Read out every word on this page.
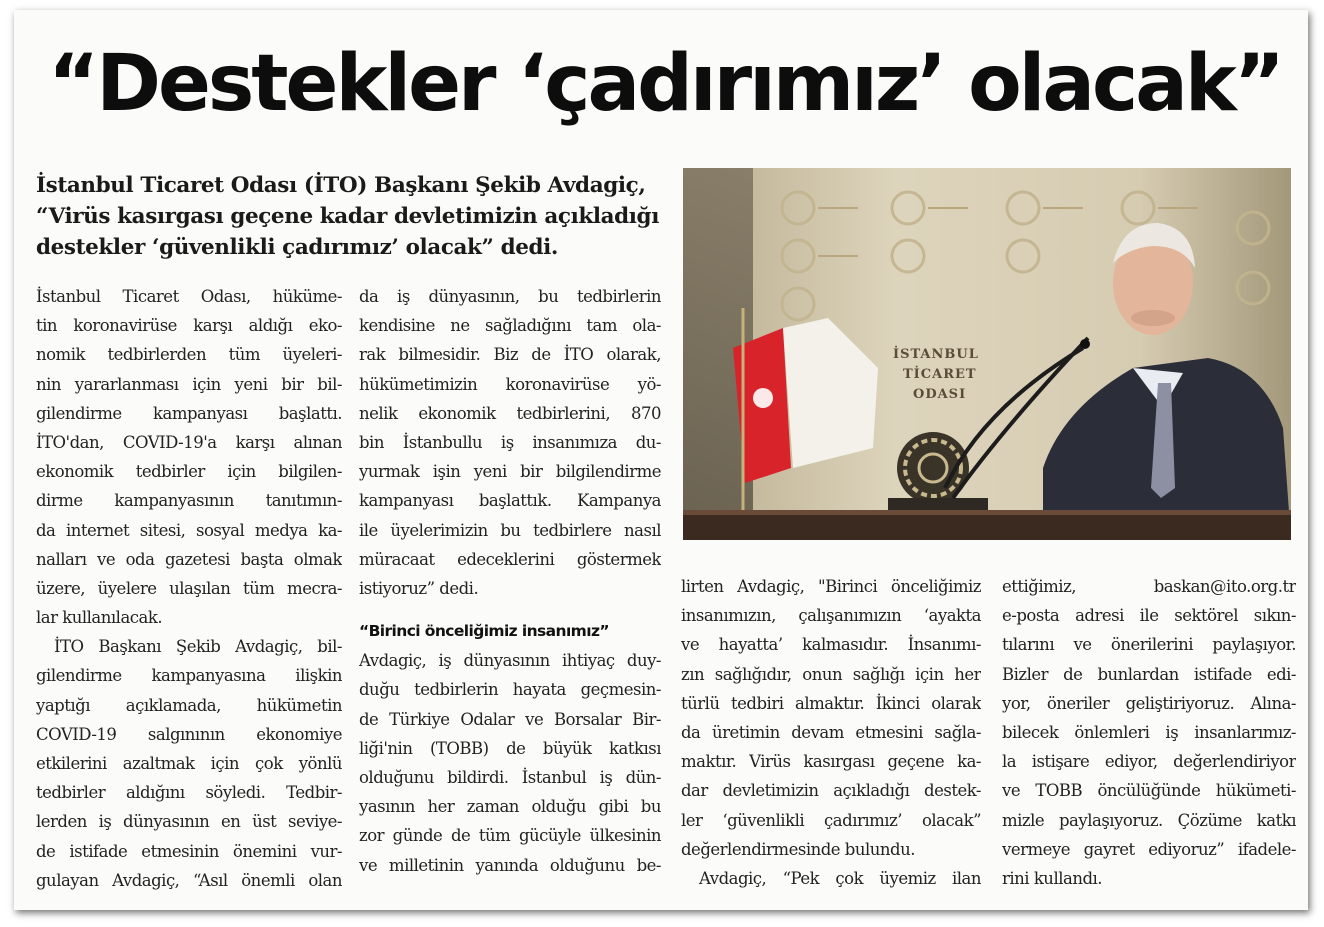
“Destekler ‘çadırımız’ olacak”
İstanbul Ticaret Odası (İTO) Başkanı Şekib Avdagiç,
“Virüs kasırgası geçene kadar devletimizin açıkladığı
destekler ‘güvenlikli çadırımız’ olacak” dedi.
İstanbul Ticaret Odası, hüküme-
tin koronavirüse karşı aldığı eko-
nomik tedbirlerden tüm üyeleri-
nin yararlanması için yeni bir bil-
gilendirme kampanyası başlattı.
İTO'dan, COVID-19'a karşı alınan
ekonomik tedbirler için bilgilen-
dirme kampanyasının tanıtımın-
da internet sitesi, sosyal medya ka-
nalları ve oda gazetesi başta olmak
üzere, üyelere ulaşılan tüm mecra-
lar kullanılacak.
İTO Başkanı Şekib Avdagiç, bil-
gilendirme kampanyasına ilişkin
yaptığı açıklamada, hükümetin
COVID-19 salgınının ekonomiye
etkilerini azaltmak için çok yönlü
tedbirler aldığını söyledi. Tedbir-
lerden iş dünyasının en üst seviye-
de istifade etmesinin önemini vur-
gulayan Avdagiç, “Asıl önemli olan
da iş dünyasının, bu tedbirlerin
kendisine ne sağladığını tam ola-
rak bilmesidir. Biz de İTO olarak,
hükümetimizin koronavirüse yö-
nelik ekonomik tedbirlerini, 870
bin İstanbullu iş insanımıza du-
yurmak işin yeni bir bilgilendirme
kampanyası başlattık. Kampanya
ile üyelerimizin bu tedbirlere nasıl
müracaat edeceklerini göstermek
istiyoruz” dedi.
“Birinci önceliğimiz insanımız”
Avdagiç, iş dünyasının ihtiyaç duy-
duğu tedbirlerin hayata geçmesin-
de Türkiye Odalar ve Borsalar Bir-
liği'nin (TOBB) de büyük katkısı
olduğunu bildirdi. İstanbul iş dün-
yasının her zaman olduğu gibi bu
zor günde de tüm gücüyle ülkesinin
ve milletinin yanında olduğunu be-
İSTANBUL
TİCARET
ODASI
lirten Avdagiç, "Birinci önceliğimiz
insanımızın, çalışanımızın ‘ayakta
ve hayatta’ kalmasıdır. İnsanımı-
zın sağlığıdır, onun sağlığı için her
türlü tedbiri almaktır. İkinci olarak
da üretimin devam etmesini sağla-
maktır. Virüs kasırgası geçene ka-
dar devletimizin açıkladığı destek-
ler ‘güvenlikli çadırımız’ olacak”
değerlendirmesinde bulundu.
Avdagiç, “Pek çok üyemiz ilan
ettiğimiz, baskan@ito.org.tr
e-posta adresi ile sektörel sıkın-
tılarını ve önerilerini paylaşıyor.
Bizler de bunlardan istifade edi-
yor, öneriler geliştiriyoruz. Alına-
bilecek önlemleri iş insanlarımız-
la istişare ediyor, değerlendiriyor
ve TOBB öncülüğünde hükümeti-
mizle paylaşıyoruz. Çözüme katkı
vermeye gayret ediyoruz” ifadele-
rini kullandı.
